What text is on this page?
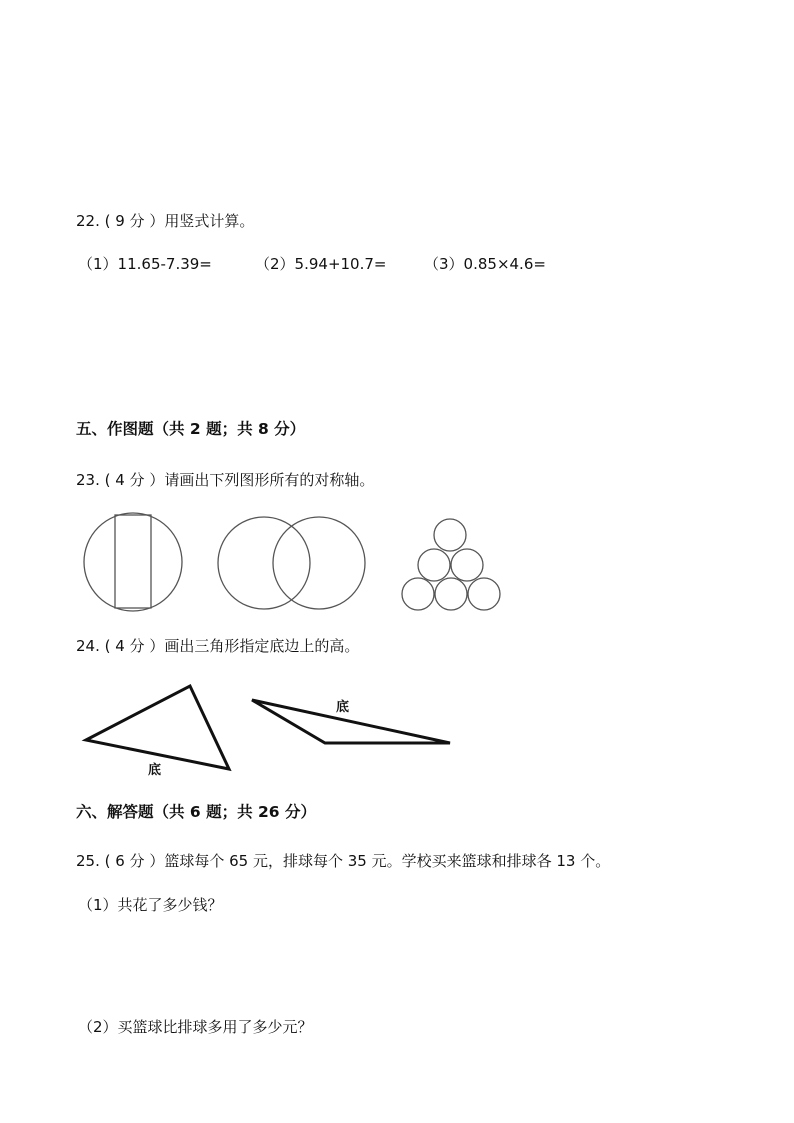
22. ( 9 分 ）用竖式计算。
（1）11.65-7.39=	（2）5.94+10.7=	（3）0.85×4.6=
五、作图题（共 2 题；共 8 分）
23. ( 4 分 ）请画出下列图形所有的对称轴。
24. ( 4 分 ）画出三角形指定底边上的高。
底
底
六、解答题（共 6 题；共 26 分）
25. ( 6 分 ）篮球每个 65 元，排球每个 35 元。学校买来篮球和排球各 13 个。
（1）共花了多少钱？
（2）买篮球比排球多用了多少元？
